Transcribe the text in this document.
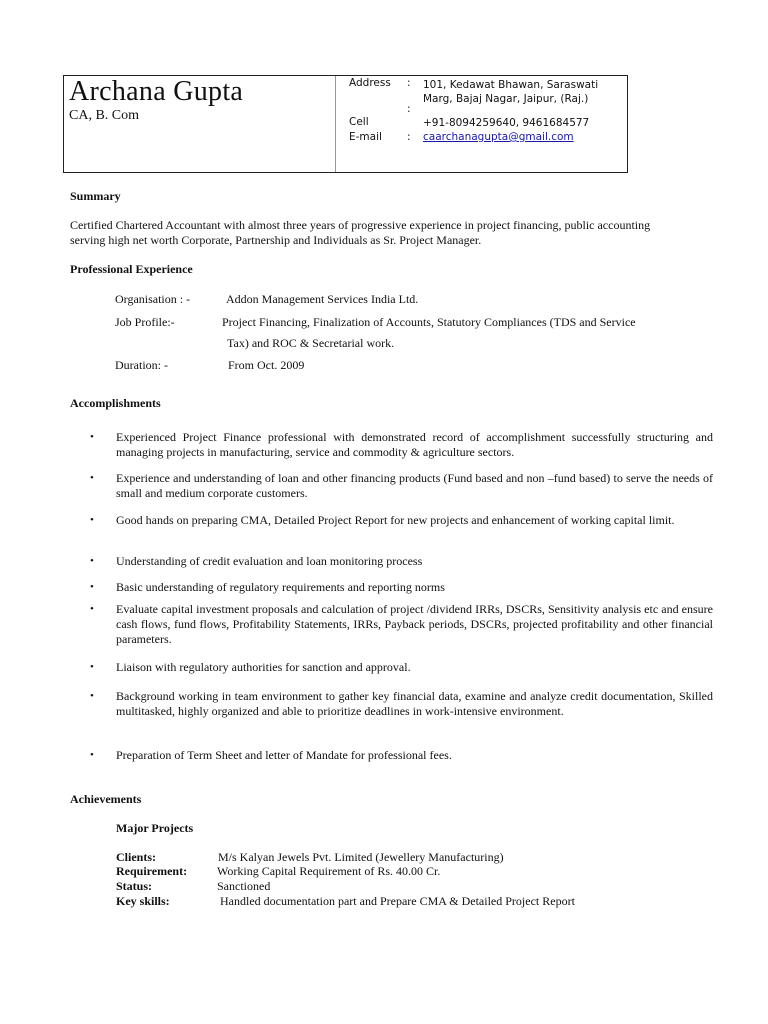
Archana Gupta
CA, B. Com
Address : 101, Kedawat Bhawan, Saraswati
Marg, Bajaj Nagar, Jaipur, (Raj.)
:
Cell	+91-8094259640, 9461684577
E-mail : caarchanagupta@gmail.com
Summary
Certified Chartered Accountant with almost three years of progressive experience in project financing, public accounting serving high net worth Corporate, Partnership and Individuals as Sr. Project Manager.
Professional Experience
Organisation : -	Addon Management Services India Ltd.
Job Profile:-	Project Financing, Finalization of Accounts, Statutory Compliances (TDS and Service
Tax) and ROC & Secretarial work.
Duration: -	From Oct. 2009
Accomplishments
• Experienced Project Finance professional with demonstrated record of accomplishment successfully structuring and managing projects in manufacturing, service and commodity & agriculture sectors.
• Experience and understanding of loan and other financing products (Fund based and non –fund based) to serve the needs of small and medium corporate customers.
• Good hands on preparing CMA, Detailed Project Report for new projects and enhancement of working capital limit.
• Understanding of credit evaluation and loan monitoring process
• Basic understanding of regulatory requirements and reporting norms
• Evaluate capital investment proposals and calculation of project /dividend IRRs, DSCRs, Sensitivity analysis etc and ensure cash flows, fund flows, Profitability Statements, IRRs, Payback periods, DSCRs, projected profitability and other financial parameters.
• Liaison with regulatory authorities for sanction and approval.
• Background working in team environment to gather key financial data, examine and analyze credit documentation, Skilled multitasked, highly organized and able to prioritize deadlines in work-intensive environment.
• Preparation of Term Sheet and letter of Mandate for professional fees.
Achievements
Major Projects
Clients:	M/s Kalyan Jewels Pvt. Limited (Jewellery Manufacturing)
Requirement: Working Capital Requirement of Rs. 40.00 Cr.
Status:	Sanctioned
Key skills:	Handled documentation part and Prepare CMA & Detailed Project Report
